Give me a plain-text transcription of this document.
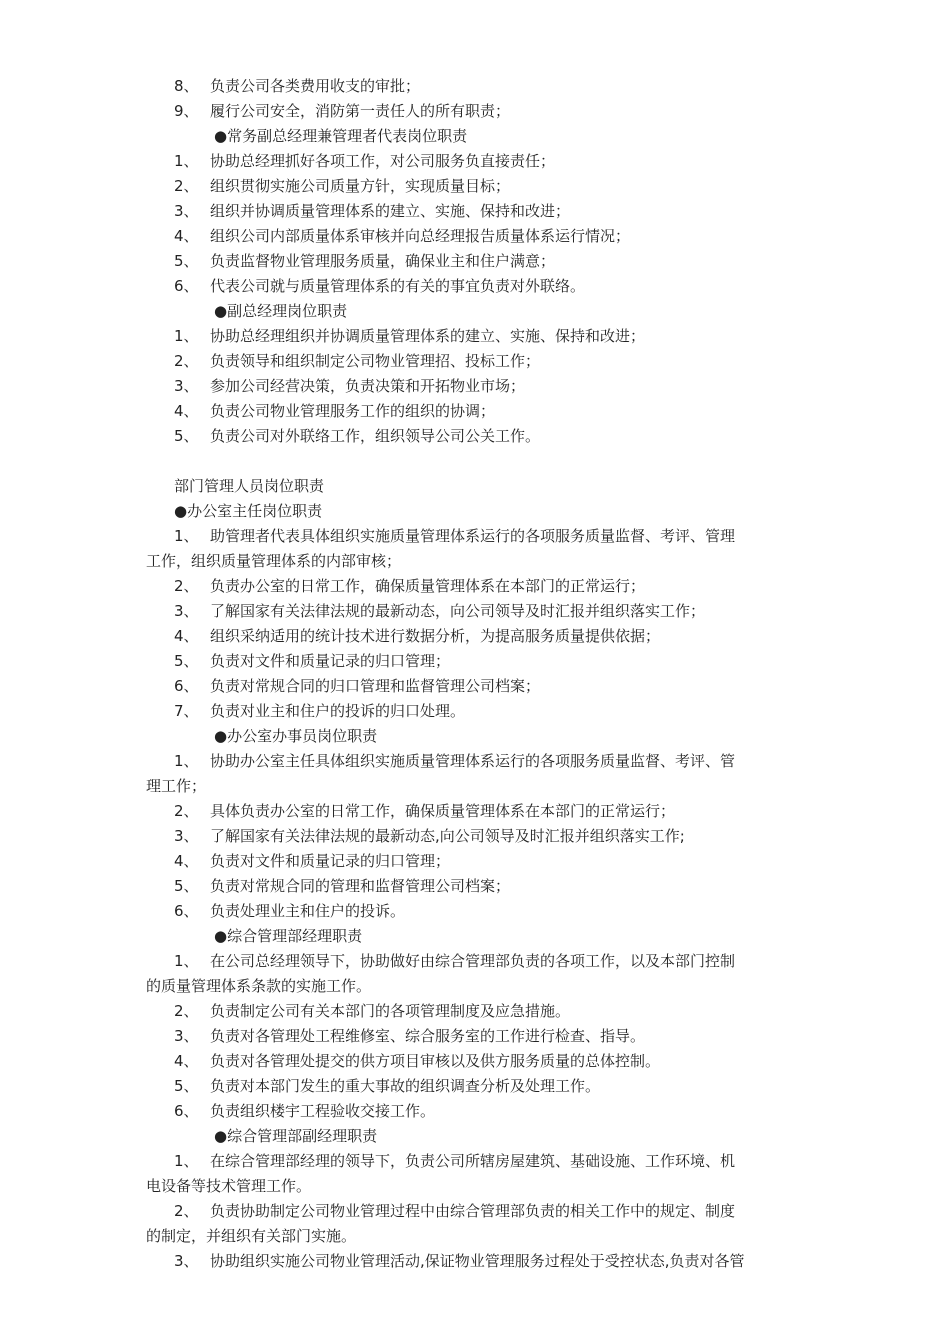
8、 负责公司各类费用收支的审批；
9、 履行公司安全，消防第一责任人的所有职责；
●常务副总经理兼管理者代表岗位职责
1、 协助总经理抓好各项工作，对公司服务负直接责任；
2、 组织贯彻实施公司质量方针，实现质量目标；
3、 组织并协调质量管理体系的建立、实施、保持和改进；
4、 组织公司内部质量体系审核并向总经理报告质量体系运行情况；
5、 负责监督物业管理服务质量，确保业主和住户满意；
6、 代表公司就与质量管理体系的有关的事宜负责对外联络。
●副总经理岗位职责
1、 协助总经理组织并协调质量管理体系的建立、实施、保持和改进；
2、 负责领导和组织制定公司物业管理招、投标工作；
3、 参加公司经营决策，负责决策和开拓物业市场；
4、 负责公司物业管理服务工作的组织的协调；
5、 负责公司对外联络工作，组织领导公司公关工作。
部门管理人员岗位职责
●办公室主任岗位职责
1、 助管理者代表具体组织实施质量管理体系运行的各项服务质量监督、考评、管理
工作，组织质量管理体系的内部审核；
2、 负责办公室的日常工作，确保质量管理体系在本部门的正常运行；
3、 了解国家有关法律法规的最新动态，向公司领导及时汇报并组织落实工作；
4、 组织采纳适用的统计技术进行数据分析，为提高服务质量提供依据；
5、 负责对文件和质量记录的归口管理；
6、 负责对常规合同的归口管理和监督管理公司档案；
7、 负责对业主和住户的投诉的归口处理。
●办公室办事员岗位职责
1、 协助办公室主任具体组织实施质量管理体系运行的各项服务质量监督、考评、管
理工作；
2、 具体负责办公室的日常工作，确保质量管理体系在本部门的正常运行；
3、 了解国家有关法律法规的最新动态,向公司领导及时汇报并组织落实工作;
4、 负责对文件和质量记录的归口管理；
5、 负责对常规合同的管理和监督管理公司档案；
6、 负责处理业主和住户的投诉。
●综合管理部经理职责
1、 在公司总经理领导下，协助做好由综合管理部负责的各项工作，以及本部门控制
的质量管理体系条款的实施工作。
2、 负责制定公司有关本部门的各项管理制度及应急措施。
3、 负责对各管理处工程维修室、综合服务室的工作进行检查、指导。
4、 负责对各管理处提交的供方项目审核以及供方服务质量的总体控制。
5、 负责对本部门发生的重大事故的组织调查分析及处理工作。
6、 负责组织楼宇工程验收交接工作。
●综合管理部副经理职责
1、 在综合管理部经理的领导下，负责公司所辖房屋建筑、基础设施、工作环境、机
电设备等技术管理工作。
2、 负责协助制定公司物业管理过程中由综合管理部负责的相关工作中的规定、制度
的制定，并组织有关部门实施。
3、 协助组织实施公司物业管理活动,保证物业管理服务过程处于受控状态,负责对各管
